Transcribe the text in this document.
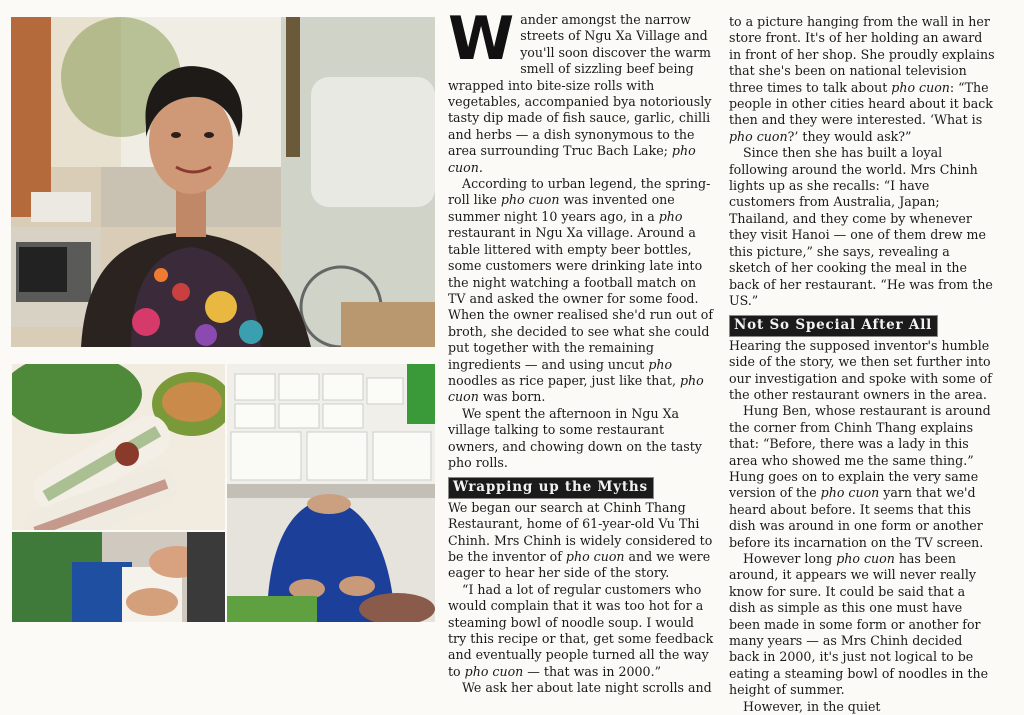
W ander amongst the narrow streets of Ngu Xa Village and you'll soon discover the warm smell of sizzling beef being wrapped into bite-size rolls with vegetables, accompanied bya notoriously tasty dip made of fish sauce, garlic, chilli and herbs — a dish synonymous to the area surrounding Truc Bach Lake; pho cuon.

According to urban legend, the spring-roll like pho cuon was invented one summer night 10 years ago, in a pho restaurant in Ngu Xa village. Around a table littered with empty beer bottles, some customers were drinking late into the night watching a football match on TV and asked the owner for some food. When the owner realised she'd run out of broth, she decided to see what she could put together with the remaining ingredients — and using uncut pho noodles as rice paper, just like that, pho cuon was born.

We spent the afternoon in Ngu Xa village talking to some restaurant owners, and chowing down on the tasty pho rolls.

Wrapping up the Myths

We began our search at Chinh Thang Restaurant, home of 61-year-old Vu Thi Chinh. Mrs Chinh is widely considered to be the inventor of pho cuon and we were eager to hear her side of the story.

“I had a lot of regular customers who would complain that it was too hot for a steaming bowl of noodle soup. I would try this recipe or that, get some feedback and eventually people turned all the way to pho cuon — that was in 2000.”

We ask her about late night scrolls and

to a picture hanging from the wall in her store front. It's of her holding an award in front of her shop. She proudly explains that she's been on national television three times to talk about pho cuon: “The people in other cities heard about it back then and they were interested. ‘What is pho cuon?’ they would ask?”

Since then she has built a loyal following around the world. Mrs Chinh lights up as she recalls: “I have customers from Australia, Japan; Thailand, and they come by whenever they visit Hanoi — one of them drew me this picture,” she says, revealing a sketch of her cooking the meal in the back of her restaurant. “He was from the US.”

Not So Special After All

Hearing the supposed inventor's humble side of the story, we then set further into our investigation and spoke with some of the other restaurant owners in the area.

Hung Ben, whose restaurant is around the corner from Chinh Thang explains that: “Before, there was a lady in this area who showed me the same thing.” Hung goes on to explain the very same version of the pho cuon yarn that we'd heard about before. It seems that this dish was around in one form or another before its incarnation on the TV screen.

However long pho cuon has been around, it appears we will never really know for sure. It could be said that a dish as simple as this one must have been made in some form or another for many years — as Mrs Chinh decided back in 2000, it's just not logical to be eating a steaming bowl of noodles in the height of summer.

However, in the quiet
